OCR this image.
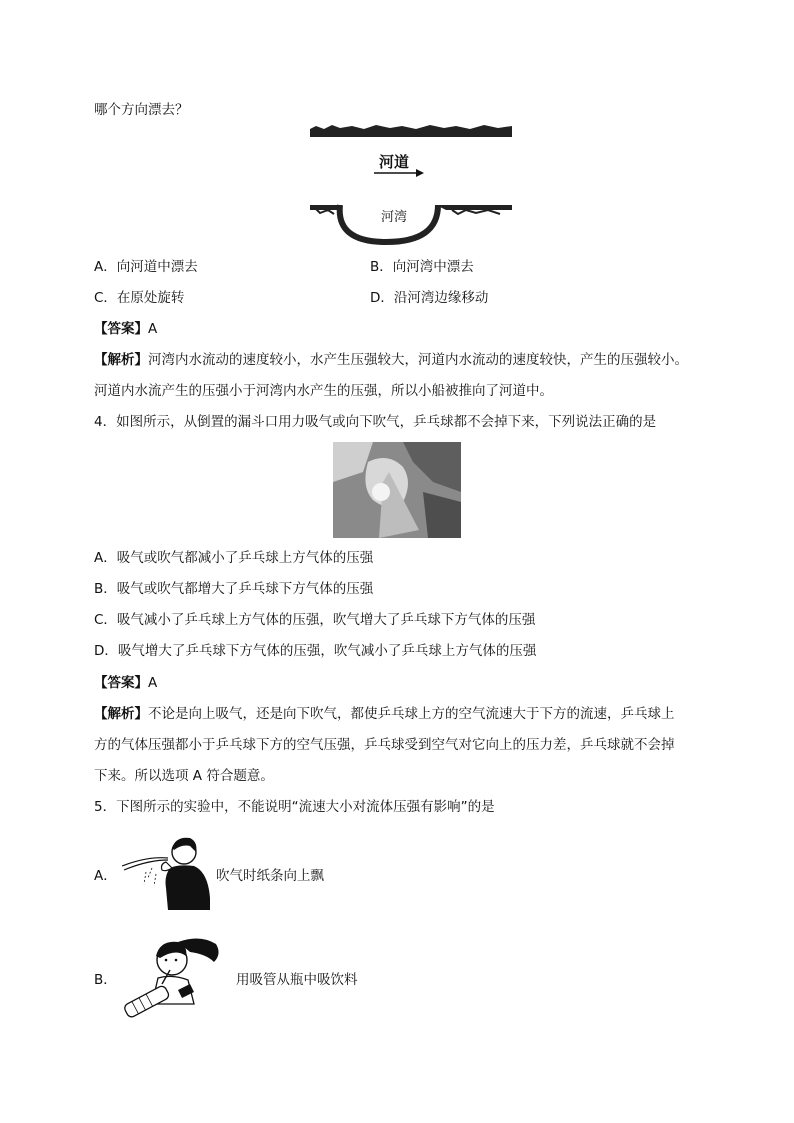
哪个方向漂去？
河道
河湾
A．向河道中漂去	B．向河湾中漂去
C．在原处旋转	D．沿河湾边缘移动
【答案】A
【解析】河湾内水流动的速度较小，水产生压强较大，河道内水流动的速度较快，产生的压强较小。
河道内水流产生的压强小于河湾内水产生的压强，所以小船被推向了河道中。
4．如图所示，从倒置的漏斗口用力吸气或向下吹气，乒乓球都不会掉下来，下列说法正确的是
A．吸气或吹气都减小了乒乓球上方气体的压强
B．吸气或吹气都增大了乒乓球下方气体的压强
C．吸气减小了乒乓球上方气体的压强，吹气增大了乒乓球下方气体的压强
D．吸气增大了乒乓球下方气体的压强，吹气减小了乒乓球上方气体的压强
【答案】A
【解析】不论是向上吸气，还是向下吹气，都使乒乓球上方的空气流速大于下方的流速，乒乓球上
方的气体压强都小于乒乓球下方的空气压强，乒乓球受到空气对它向上的压力差，乒乓球就不会掉
下来。所以选项 A 符合题意。
5．下图所示的实验中，不能说明“流速大小对流体压强有影响”的是
A．	吹气时纸条向上飘
B．	用吸管从瓶中吸饮料
